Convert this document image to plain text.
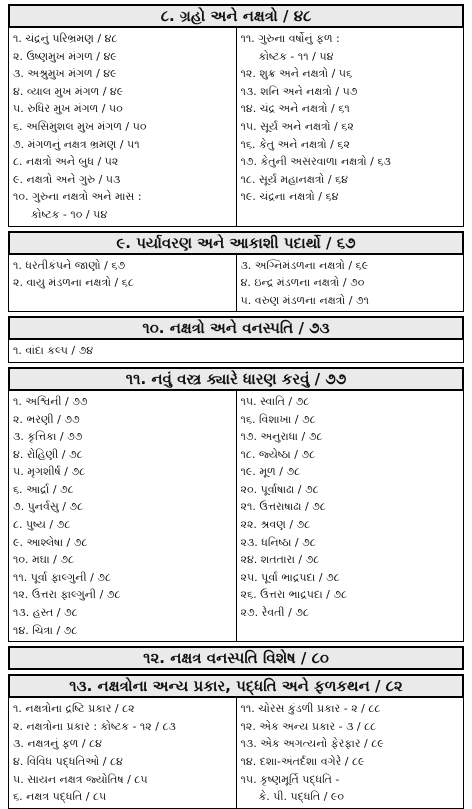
૮. ગ્રહો અને નક્ષત્રો / ૪૮
૧. ચંદ્રનું પરિભ્રમણ / ૪૮
૨. ઉષ્ણમુખ મંગળ / ૪૯
૩. અશ્રુમુખ મંગળ / ૪૯
૪. વ્યાલ મુખ મંગળ / ૪૯
૫. રુધિર મુખ મંગળ / ૫૦
૬. અસિમુશલ મુખ મંગળ / ૫૦
૭. મંગળનું નક્ષત્ર ભ્રમણ / ૫૧
૮. નક્ષત્રો અને બુધ / ૫૨
૯. નક્ષત્રો અને ગુરુ / ૫૩
૧૦. ગુરુના નક્ષત્રો અને માસ :
કોષ્ટક - ૧૦ / ૫૪
૧૧. ગુરુના વર્ષોનું ફળ :
કોષ્ટક - ૧૧ / ૫૪
૧૨. શુક્ર અને નક્ષત્રો / ૫૬
૧૩. શનિ અને નક્ષત્રો / ૫૭
૧૪. ચંદ્ર અને નક્ષત્રો / ૬૧
૧૫. સૂર્ય અને નક્ષત્રો / ૬૨
૧૬. કેતુ અને નક્ષત્રો / ૬૨
૧૭. કેતુની અસરવાળા નક્ષત્રો / ૬૩
૧૮. સૂર્ય મહાનક્ષત્રો / ૬૪
૧૯. ચંદ્રના નક્ષત્રો / ૬૪
૯. પર્યાવરણ અને આકાશી પદાર્થો / ૬૭
૧. ધરતીકંપને જાણો / ૬૭
૨. વાયુ મંડળના નક્ષત્રો / ૬૮
૩. અગ્નિમંડળના નક્ષત્રો / ૬૯
૪. ઇન્દ્ર મંડળના નક્ષત્રો / ૭૦
૫. વરુણ મંડળના નક્ષત્રો / ૭૧
૧૦. નક્ષત્રો અને વનસ્પતિ / ૭૩
૧. વાંદા કલ્પ / ૭૪
૧૧. નવું વસ્ત્ર ક્યારે ધારણ કરવું / ૭૭
૧. અશ્વિની / ૭૭
૨. ભરણી / ૭૭
૩. કૃત્તિકા / ૭૭
૪. રોહિણી / ૭૮
૫. મૃગશીર્ષ / ૭૮
૬. આર્દ્રા / ૭૮
૭. પુનર્વસુ / ૭૮
૮. પુષ્ય / ૭૮
૯. આશ્લેષા / ૭૮
૧૦. મઘા / ૭૮
૧૧. પૂર્વા ફાલ્ગુની / ૭૮
૧૨. ઉત્તરા ફાલ્ગુની / ૭૮
૧૩. હસ્ત / ૭૮
૧૪. ચિત્રા / ૭૮
૧૫. સ્વાતિ / ૭૮
૧૬. વિશાખા / ૭૮
૧૭. અનુરાધા / ૭૮
૧૮. જ્યેષ્ઠા / ૭૮
૧૯. મૂળ / ૭૮
૨૦. પૂર્વાષાઢા / ૭૮
૨૧. ઉત્તરાષાઢા / ૭૮
૨૨. શ્રવણ / ૭૮
૨૩. ધનિષ્ઠા / ૭૮
૨૪. શતતારા / ૭૮
૨૫. પૂર્વા ભાદ્રપદા / ૭૮
૨૬. ઉત્તરા ભાદ્રપદા / ૭૮
૨૭. રેવતી / ૭૮
૧૨. નક્ષત્ર વનસ્પતિ વિશેષ / ૮૦
૧૩. નક્ષત્રોના અન્ય પ્રકાર, પદ્ધતિ અને ફળકથન / ૮૨
૧. નક્ષત્રોના દ્રષ્ટિ પ્રકાર / ૮૨
૨. નક્ષત્રોના પ્રકાર : કોષ્ટક - ૧૨ / ૮૩
૩. નક્ષત્રનું ફળ / ૮૪
૪. વિવિધ પદ્ધતિઓ / ૮૪
૫. સાયન નક્ષત્ર જ્યોતિષ / ૮૫
૬. નક્ષત્ર પદ્ધતિ / ૮૫
૧૧. ચોરસ કુંડળી પ્રકાર - ૨ / ૮૮
૧૨. એક અન્ય પ્રકાર - ૩ / ૮૮
૧૩. એક અગત્યનો ફેરફાર / ૮૯
૧૪. દશા-અંતર્દશા વગેરે / ૮૯
૧૫. કૃષ્ણમૂર્તિ પદ્ધતિ -
કે. પી. પદ્ધતિ / ૯૦
